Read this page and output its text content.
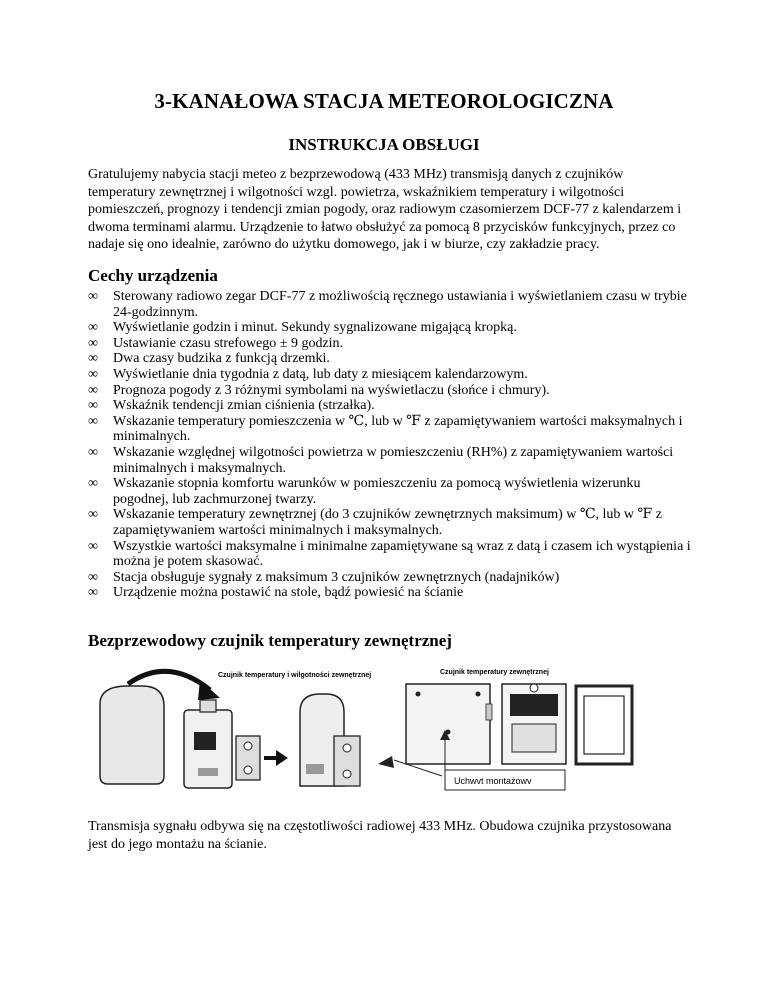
3-KANAŁOWA STACJA METEOROLOGICZNA
INSTRUKCJA OBSŁUGI
Gratulujemy nabycia stacji meteo z bezprzewodową (433 MHz) transmisją danych z czujników temperatury zewnętrznej i wilgotności wzgl. powietrza, wskaźnikiem temperatury i wilgotności pomieszczeń, prognozy i tendencji zmian pogody, oraz radiowym czasomierzem DCF-77 z kalendarzem i dwoma terminami alarmu. Urządzenie to łatwo obsłużyć za pomocą 8 przycisków funkcyjnych, przez co nadaje się ono idealnie, zarówno do użytku domowego, jak i w biurze, czy zakładzie pracy.
Cechy urządzenia
∞	Sterowany radiowo zegar DCF-77 z możliwością ręcznego ustawiania i wyświetlaniem czasu w trybie 24-godzinnym.
∞	Wyświetlanie godzin i minut. Sekundy sygnalizowane migającą kropką.
∞	Ustawianie czasu strefowego ± 9 godzin.
∞	Dwa czasy budzika z funkcją drzemki.
∞	Wyświetlanie dnia tygodnia z datą, lub daty z miesiącem kalendarzowym.
∞	Prognoza pogody z 3 różnymi symbolami na wyświetlaczu (słońce i chmury).
∞	Wskaźnik tendencji zmian ciśnienia (strzałka).
∞	Wskazanie temperatury pomieszczenia w ℃, lub w ℉ z zapamiętywaniem wartości maksymalnych i minimalnych.
∞	Wskazanie względnej wilgotności powietrza w pomieszczeniu (RH%) z zapamiętywaniem wartości minimalnych i maksymalnych.
∞	Wskazanie stopnia komfortu warunków w pomieszczeniu za pomocą wyświetlenia wizerunku pogodnej, lub zachmurzonej twarzy.
∞	Wskazanie temperatury zewnętrznej (do 3 czujników zewnętrznych maksimum) w ℃, lub w ℉ z zapamiętywaniem wartości minimalnych i maksymalnych.
∞	Wszystkie wartości maksymalne i minimalne zapamiętywane są wraz z datą i czasem ich wystąpienia i można je potem skasować.
∞	Stacja obsługuje sygnały z maksimum 3 czujników zewnętrznych (nadajników)
∞	Urządzenie można postawić na stole, bądź powiesić na ścianie
Bezprzewodowy czujnik temperatury zewnętrznej
Czujnik temperatury i wilgotności zewnętrznej	Czujnik temperatury zewnętrznej
Uchwvt montażowv
Transmisja sygnału odbywa się na częstotliwości radiowej 433 MHz. Obudowa czujnika przystosowana jest do jego montażu na ścianie.
